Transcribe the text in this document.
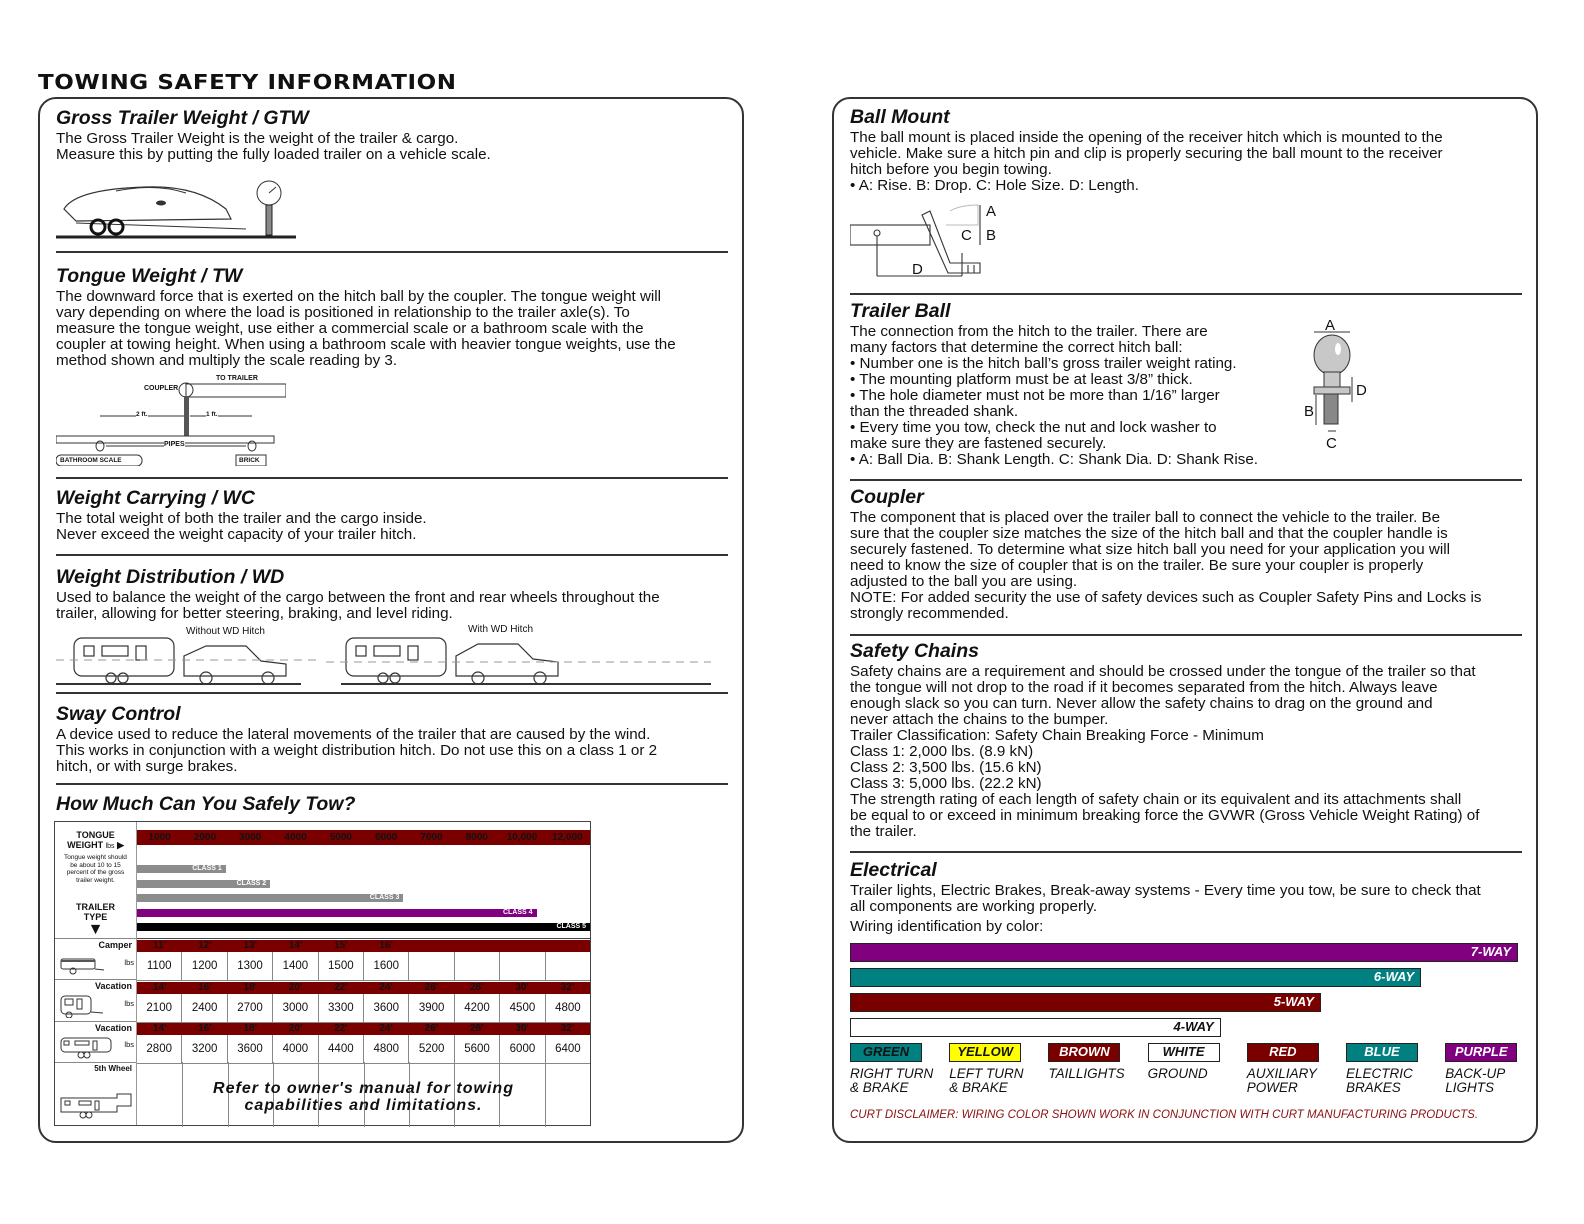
TOWING SAFETY INFORMATION
Gross Trailer Weight / GTW
The Gross Trailer Weight is the weight of the trailer & cargo.
Measure this by putting the fully loaded trailer on a vehicle scale.
Tongue Weight / TW
The downward force that is exerted on the hitch ball by the coupler. The tongue weight will
vary depending on where the load is positioned in relationship to the trailer axle(s). To
measure the tongue weight, use either a commercial scale or a bathroom scale with the
coupler at towing height. When using a bathroom scale with heavier tongue weights, use the
method shown and multiply the scale reading by 3.
COUPLER
TO TRAILER
2 ft.	1 ft.
PIPES
BATHROOM SCALE	BRICK
Weight Carrying / WC
The total weight of both the trailer and the cargo inside.
Never exceed the weight capacity of your trailer hitch.
Weight Distribution / WD
Used to balance the weight of the cargo between the front and rear wheels throughout the
trailer, allowing for better steering, braking, and level riding.
Without WD Hitch	With WD Hitch
Sway Control
A device used to reduce the lateral movements of the trailer that are caused by the wind.
This works in conjunction with a weight distribution hitch. Do not use this on a class 1 or 2
hitch, or with surge brakes.
How Much Can You Safely Tow?
TONGUE
WEIGHT lbs ▶
Tongue weight should
be about 10 to 15
percent of the gross
trailer weight.
TRAILER
TYPE
▼
Camper
lbs
Vacation
lbs
Vacation
lbs
5th Wheel
1000	2000	3000	4000	5000	6000	7000	8000	10,000	12,000
CLASS 1
CLASS 2
CLASS 3
CLASS 4
CLASS 5
11'	12'	13'	14'	15'	16'
1100	1200	1300	1400	1500	1600
14'	16'	18'	20'	22'	24'	26'	28'	30'	32'
2100	2400	2700	3000	3300	3600	3900	4200	4500	4800
14'	16'	18'	20'	22'	24'	26'	28'	30'	32'
2800	3200	3600	4000	4400	4800	5200	5600	6000	6400
Refer to owner's manual for towing
capabilities and limitations.
Ball Mount
The ball mount is placed inside the opening of the receiver hitch which is mounted to the
vehicle. Make sure a hitch pin and clip is properly securing the ball mount to the receiver
hitch before you begin towing.
• A: Rise. B: Drop. C: Hole Size. D: Length.
A
B
C
D
Trailer Ball
The connection from the hitch to the trailer. There are
many factors that determine the correct hitch ball:
• Number one is the hitch ball’s gross trailer weight rating.
• The mounting platform must be at least 3/8” thick.
• The hole diameter must not be more than 1/16” larger
than the threaded shank.
• Every time you tow, check the nut and lock washer to
make sure they are fastened securely.
• A: Ball Dia. B: Shank Length. C: Shank Dia. D: Shank Rise.
A
B
C
D
Coupler
The component that is placed over the trailer ball to connect the vehicle to the trailer. Be
sure that the coupler size matches the size of the hitch ball and that the coupler handle is
securely fastened. To determine what size hitch ball you need for your application you will
need to know the size of coupler that is on the trailer. Be sure your coupler is properly
adjusted to the ball you are using.
NOTE: For added security the use of safety devices such as Coupler Safety Pins and Locks is
strongly recommended.
Safety Chains
Safety chains are a requirement and should be crossed under the tongue of the trailer so that
the tongue will not drop to the road if it becomes separated from the hitch. Always leave
enough slack so you can turn. Never allow the safety chains to drag on the ground and
never attach the chains to the bumper.
Trailer Classification: Safety Chain Breaking Force - Minimum
Class 1: 2,000 lbs. (8.9 kN)
Class 2: 3,500 lbs. (15.6 kN)
Class 3: 5,000 lbs. (22.2 kN)
The strength rating of each length of safety chain or its equivalent and its attachments shall
be equal to or exceed in minimum breaking force the GVWR (Gross Vehicle Weight Rating) of
the trailer.
Electrical
Trailer lights, Electric Brakes, Break-away systems - Every time you tow, be sure to check that
all components are working properly.
Wiring identification by color:
7-WAY
6-WAY
5-WAY
4-WAY
GREEN
RIGHT TURN
& BRAKE
YELLOW
LEFT TURN
& BRAKE
BROWN
TAILLIGHTS

WHITE
GROUND

RED
AUXILIARY
POWER
BLUE
ELECTRIC
BRAKES
PURPLE
BACK-UP
LIGHTS
CURT DISCLAIMER: WIRING COLOR SHOWN WORK IN CONJUNCTION WITH CURT MANUFACTURING PRODUCTS.
